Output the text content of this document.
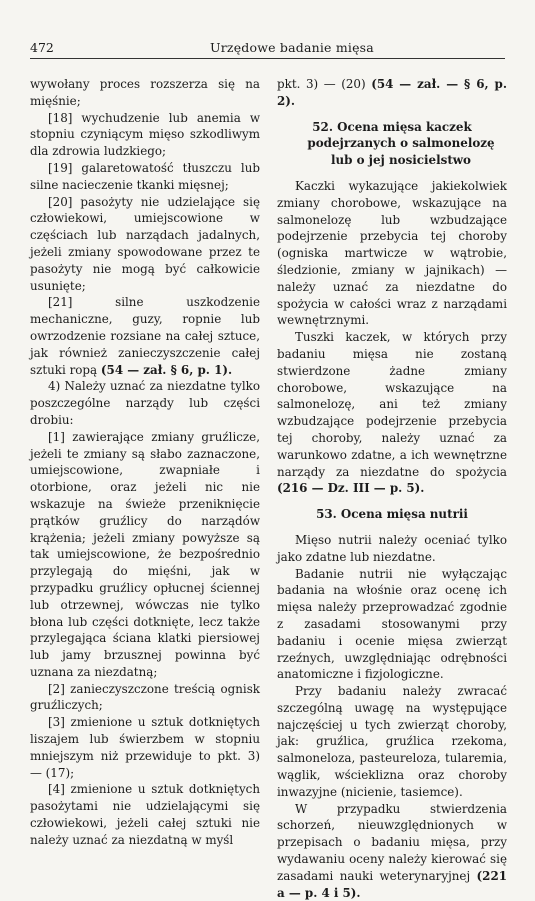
472	Urzędowe badanie mięsa

wywołany proces rozszerza się na mięśnie;

[18] wychudzenie lub anemia w stopniu czyniącym mięso szkodliwym dla zdrowia ludzkiego;

[19] galaretowatość tłuszczu lub silne nacieczenie tkanki mięsnej;

[20] pasożyty nie udzielające się człowiekowi, umiejscowione w częściach lub narządach jadalnych, jeżeli zmiany spowodowane przez te pasożyty nie mogą być całkowicie usunięte;

[21] silne uszkodzenie mechaniczne, guzy, ropnie lub owrzodzenie rozsiane na całej sztuce, jak również zanieczyszczenie całej sztuki ropą (54 — zał. § 6, p. 1).

4) Należy uznać za niezdatne tylko poszczególne narządy lub części drobiu:

[1] zawierające zmiany gruźlicze, jeżeli te zmiany są słabo zaznaczone, umiejscowione, zwapniałe i otorbione, oraz jeżeli nic nie wskazuje na świeże przeniknięcie prątków gruźlicy do narządów krążenia; jeżeli zmiany powyższe są tak umiejscowione, że bezpośrednio przylegają do mięśni, jak w przypadku gruźlicy opłucnej ściennej lub otrzewnej, wówczas nie tylko błona lub części dotknięte, lecz także przylegająca ściana klatki piersiowej lub jamy brzusznej powinna być uznana za niezdatną;

[2] zanieczyszczone treścią ognisk gruźliczych;

[3] zmienione u sztuk dotkniętych liszajem lub świerzbem w stopniu mniejszym niż przewiduje to pkt. 3) — (17);

[4] zmienione u sztuk dotkniętych pasożytami nie udzielającymi się człowiekowi, jeżeli całej sztuki nie należy uznać za niezdatną w myśl

pkt. 3) — (20) (54 — zał. — § 6, p. 2).

52. Ocena mięsa kaczek podejrzanych o salmonelozę lub o jej nosicielstwo

Kaczki wykazujące jakiekolwiek zmiany chorobowe, wskazujące na salmonelozę lub wzbudzające podejrzenie przebycia tej choroby (ogniska martwicze w wątrobie, śledzionie, zmiany w jajnikach) — należy uznać za niezdatne do spożycia w całości wraz z narządami wewnętrznymi.

Tuszki kaczek, w których przy badaniu mięsa nie zostaną stwierdzone żadne zmiany chorobowe, wskazujące na salmonelozę, ani też zmiany wzbudzające podejrzenie przebycia tej choroby, należy uznać za warunkowo zdatne, a ich wewnętrzne narządy za niezdatne do spożycia (216 — Dz. III — p. 5).

53. Ocena mięsa nutrii

Mięso nutrii należy oceniać tylko jako zdatne lub niezdatne.

Badanie nutrii nie wyłączając badania na włośnie oraz ocenę ich mięsa należy przeprowadzać zgodnie z zasadami stosowanymi przy badaniu i ocenie mięsa zwierząt rzeźnych, uwzględniając odrębności anatomiczne i fizjologiczne.

Przy badaniu należy zwracać szczególną uwagę na występujące najczęściej u tych zwierząt choroby, jak: gruźlica, gruźlica rzekoma, salmoneloza, pasteureloza, tularemia, wąglik, wścieklizna oraz choroby inwazyjne (nicienie, tasiemce).

W przypadku stwierdzenia schorzeń, nieuwzględnionych w przepisach o badaniu mięsa, przy wydawaniu oceny należy kierować się zasadami nauki weterynaryjnej (221 a — p. 4 i 5).
